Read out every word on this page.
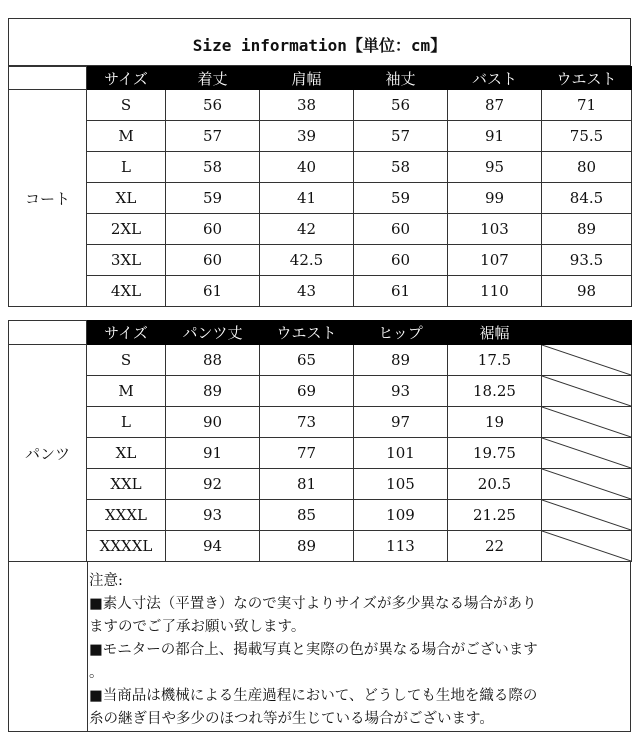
Size information【単位：cm】
	サイズ	着丈	肩幅	袖丈	バスト	ウエスト
コート	S	56	38	56	87	71
	M	57	39	57	91	75.5
	L	58	40	58	95	80
	XL	59	41	59	99	84.5
	2XL	60	42	60	103	89
	3XL	60	42.5	60	107	93.5
	4XL	61	43	61	110	98
	サイズ	パンツ丈	ウエスト	ヒップ	裾幅	
パンツ	S	88	65	89	17.5	

	M	89	69	93	18.25	

	L	90	73	97	19	

	XL	91	77	101	19.75	

	XXL	92	81	105	20.5	

	XXXL	93	85	109	21.25	

	XXXXL	94	89	113	22	
注意:
■素人寸法（平置き）なので実寸よりサイズが多少異なる場合があり
ますのでご了承お願い致します。
■モニターの都合上、掲載写真と実際の色が異なる場合がございます
。
■当商品は機械による生産過程において、どうしても生地を織る際の
糸の継ぎ目や多少のほつれ等が生じている場合がございます。
